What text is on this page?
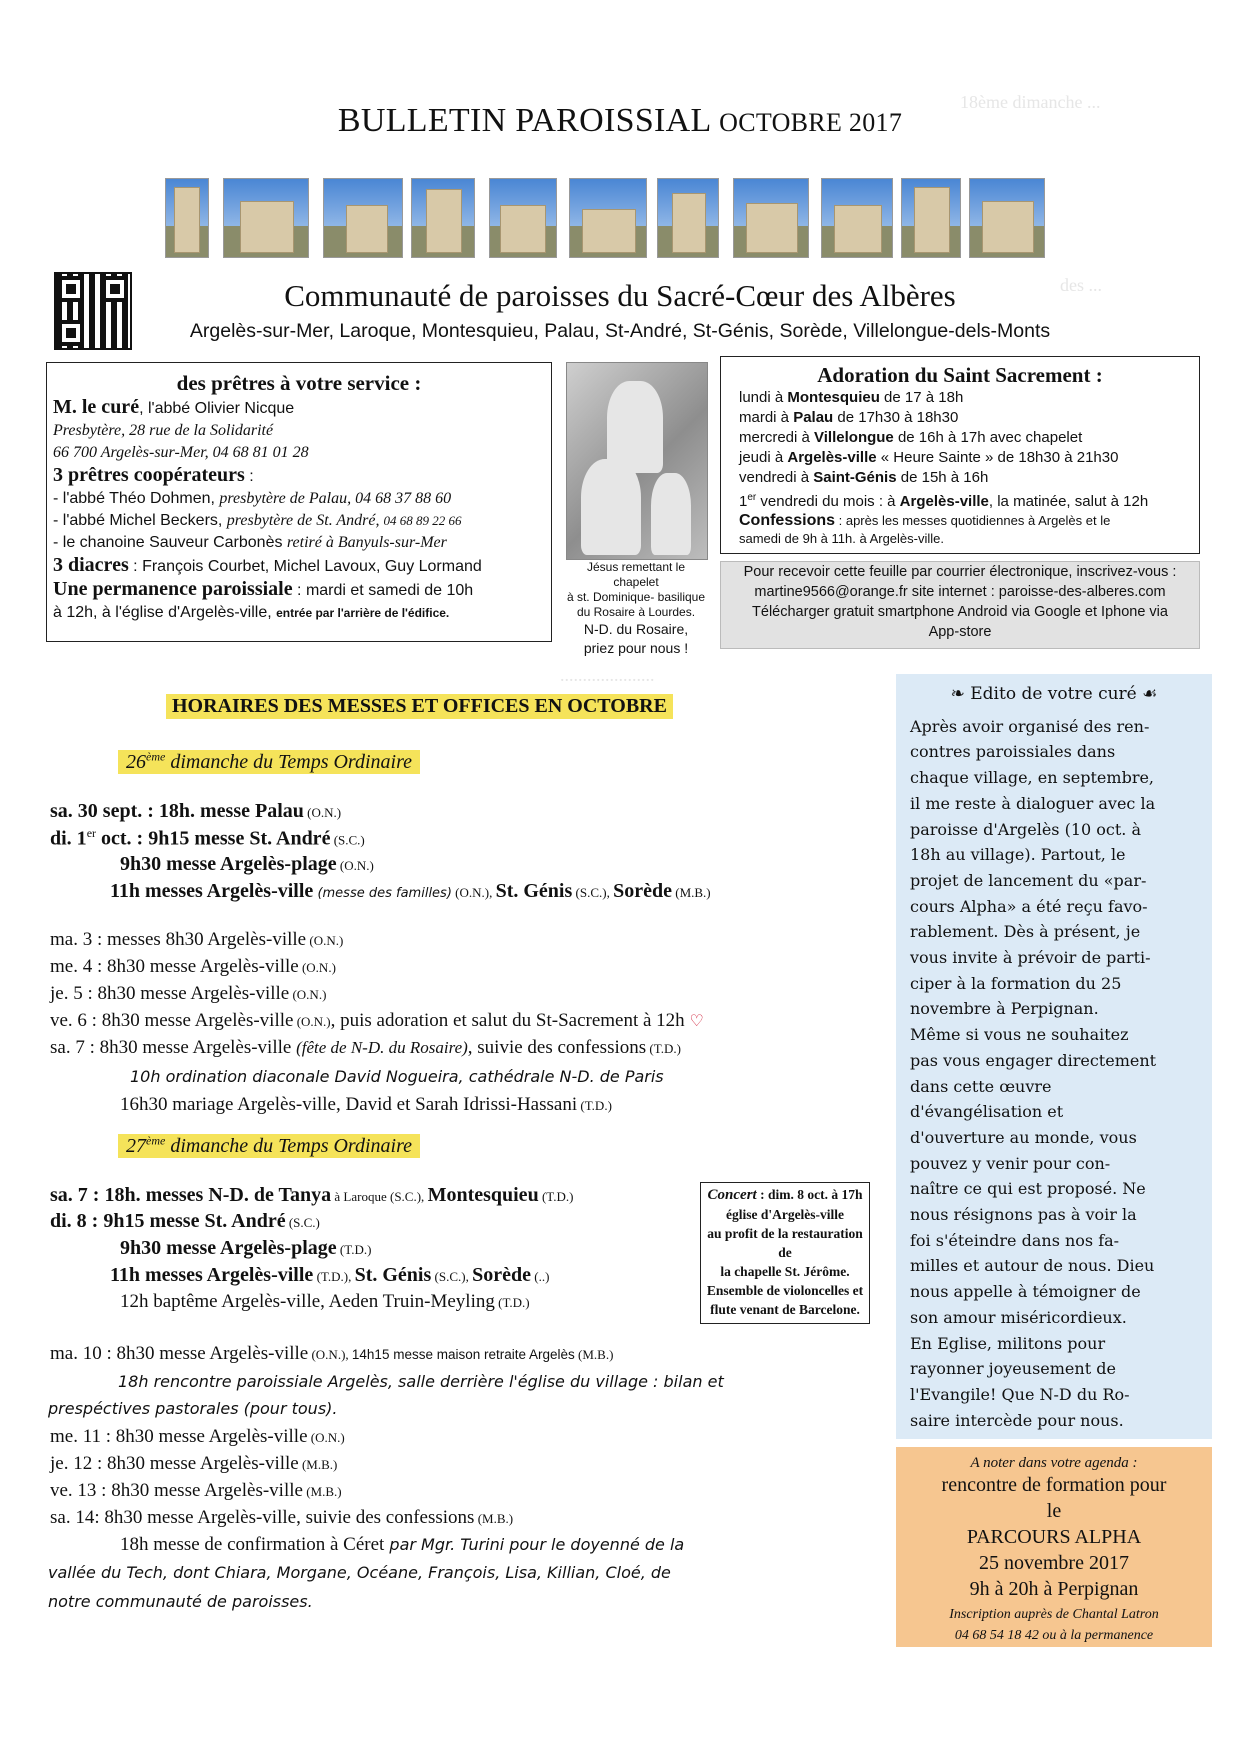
18ème dimanche ...
des ...
.....................
BULLETIN PAROISSIAL OCTOBRE 2017
Communauté de paroisses du Sacré-Cœur des Albères
Argelès-sur-Mer, Laroque, Montesquieu, Palau, St-André, St-Génis, Sorède, Villelongue-dels-Monts
des prêtres à votre service :
M. le curé, l'abbé Olivier Nicque
Presbytère, 28 rue de la Solidarité
66 700 Argelès-sur-Mer, 04 68 81 01 28
3 prêtres coopérateurs :
- l'abbé Théo Dohmen, presbytère de Palau, 04 68 37 88 60
- l'abbé Michel Beckers, presbytère de St. André, 04 68 89 22 66
- le chanoine Sauveur Carbonès retiré à Banyuls-sur-Mer
3 diacres : François Courbet, Michel Lavoux, Guy Lormand
Une permanence paroissiale : mardi et samedi de 10h
à 12h, à l'église d'Argelès-ville, entrée par l'arrière de l'édifice.
Jésus remettant le chapelet
à st. Dominique- basilique
du Rosaire à Lourdes.
N-D. du Rosaire,
priez pour nous !
Adoration du Saint Sacrement :
lundi à Montesquieu de 17 à 18h
mardi à Palau de 17h30 à 18h30
mercredi à Villelongue de 16h à 17h avec chapelet
jeudi à Argelès-ville « Heure Sainte » de 18h30 à 21h30
vendredi à Saint-Génis de 15h à 16h
1er vendredi du mois : à Argelès-ville, la matinée, salut à 12h
Confessions : après les messes quotidiennes à Argelès et le
samedi de 9h à 11h. à Argelès-ville.
Pour recevoir cette feuille par courrier électronique, inscrivez-vous :
martine9566@orange.fr site internet : paroisse-des-alberes.com
Télécharger gratuit smartphone Android via Google et Iphone via
App-store
HORAIRES DES MESSES ET OFFICES EN OCTOBRE
26ème dimanche du Temps Ordinaire
sa. 30 sept. : 18h. messe Palau (O.N.)
di. 1er oct. : 9h15 messe St. André (S.C.)
9h30 messe Argelès-plage (O.N.)
11h messes Argelès-ville (messe des familles) (O.N.), St. Génis (S.C.), Sorède (M.B.)
ma. 3 : messes 8h30 Argelès-ville (O.N.)
me. 4 : 8h30 messe Argelès-ville (O.N.)
je. 5 : 8h30 messe Argelès-ville (O.N.)
ve. 6 : 8h30 messe Argelès-ville (O.N.), puis adoration et salut du St-Sacrement à 12h ♡
sa. 7 : 8h30 messe Argelès-ville (fête de N-D. du Rosaire), suivie des confessions (T.D.)
10h ordination diaconale David Nogueira, cathédrale N-D. de Paris
16h30 mariage Argelès-ville, David et Sarah Idrissi-Hassani (T.D.)
27ème dimanche du Temps Ordinaire
sa. 7 : 18h. messes N-D. de Tanya à Laroque (S.C.), Montesquieu (T.D.)
di. 8 : 9h15 messe St. André (S.C.)
9h30 messe Argelès-plage (T.D.)
11h messes Argelès-ville (T.D.), St. Génis (S.C.), Sorède (..)
12h baptême Argelès-ville, Aeden Truin-Meyling (T.D.)
ma. 10 : 8h30 messe Argelès-ville (O.N.), 14h15 messe maison retraite Argelès (M.B.)
18h rencontre paroissiale Argelès, salle derrière l'église du village : bilan et
prespéctives pastorales (pour tous).
me. 11 : 8h30 messe Argelès-ville (O.N.)
je. 12 : 8h30 messe Argelès-ville (M.B.)
ve. 13 : 8h30 messe Argelès-ville (M.B.)
sa. 14: 8h30 messe Argelès-ville, suivie des confessions (M.B.)
18h messe de confirmation à Céret par Mgr. Turini pour le doyenné de la
vallée du Tech, dont Chiara, Morgane, Océane, François, Lisa, Killian, Cloé, de
notre communauté de paroisses.
Concert : dim. 8 oct. à 17h
église d'Argelès-ville
au profit de la restauration de
la chapelle St. Jérôme.
Ensemble de violoncelles et
flute venant de Barcelone.
❧ Edito de votre curé ☙
Après avoir organisé des ren-
contres paroissiales dans
chaque village, en septembre,
il me reste à dialoguer avec la
paroisse d'Argelès (10 oct. à
18h au village). Partout, le
projet de lancement du «par-
cours Alpha» a été reçu favo-
rablement. Dès à présent, je
vous invite à prévoir de parti-
ciper à la formation du 25
novembre à Perpignan.
Même si vous ne souhaitez
pas vous engager directement
dans cette œuvre
d'évangélisation et
d'ouverture au monde, vous
pouvez y venir pour con-
naître ce qui est proposé. Ne
nous résignons pas à voir la
foi s'éteindre dans nos fa-
milles et autour de nous. Dieu
nous appelle à témoigner de
son amour miséricordieux.
En Eglise, militons pour
rayonner joyeusement de
l'Evangile! Que N-D du Ro-
saire intercède pour nous.
A noter dans votre agenda :
rencontre de formation pour
le
PARCOURS ALPHA
25 novembre 2017
9h à 20h à Perpignan
Inscription auprès de Chantal Latron
04 68 54 18 42 ou à la permanence
